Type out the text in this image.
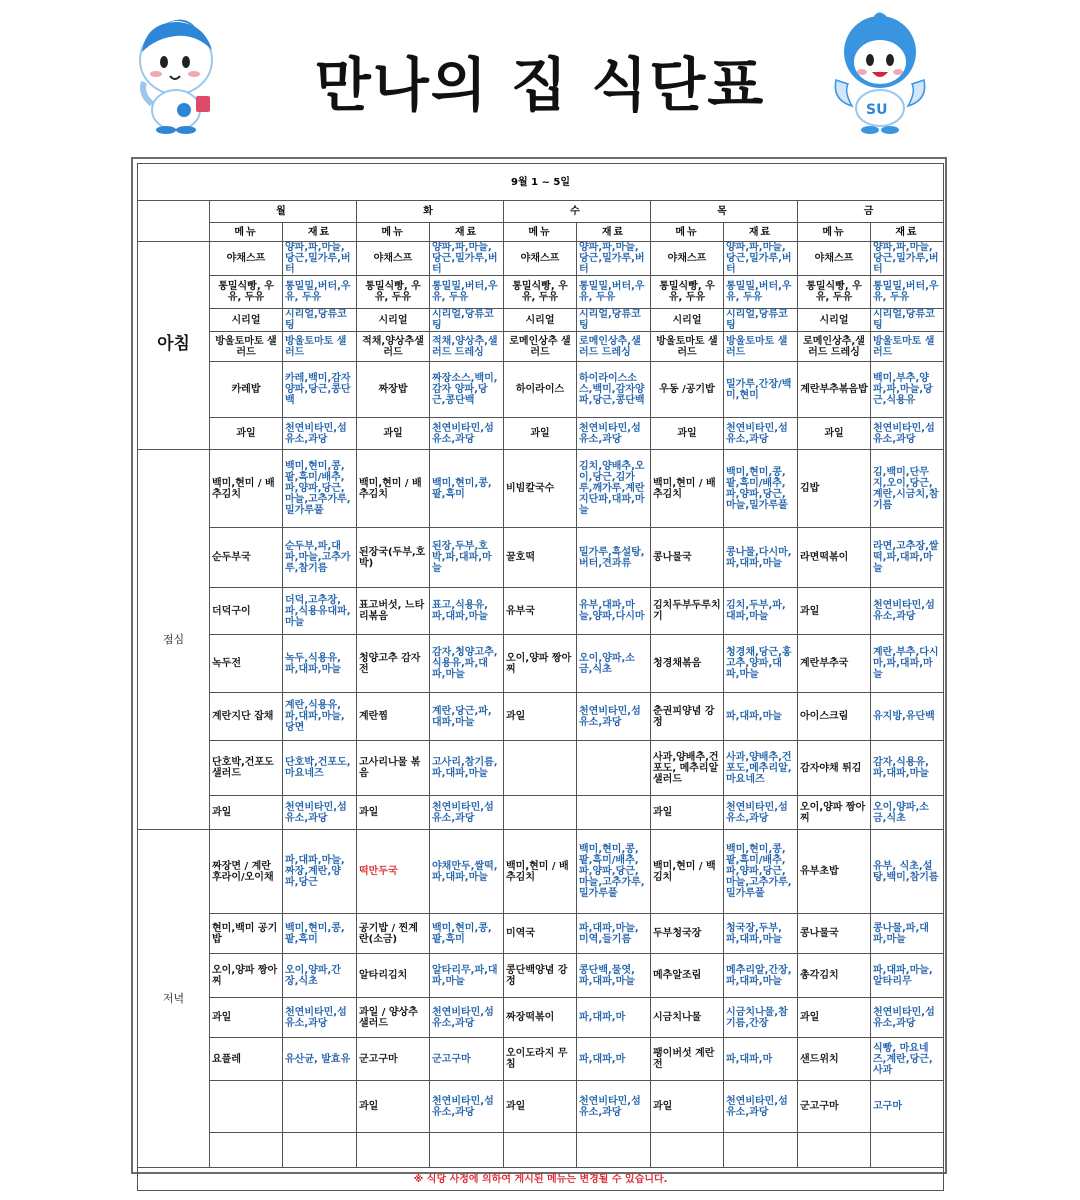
만나의 집 식단표	SU
9월 1 ~ 5일										
	월		화		수		목		금	
	메뉴	재료	메뉴	재료	메뉴	재료	메뉴	재료	메뉴	재료
아침	야채스프	양파,파,마늘,당근,밀가루,버터	야채스프	양파,파,마늘,당근,밀가루,버터	야채스프	양파,파,마늘,당근,밀가루,버터	야채스프	양파,파,마늘,당근,밀가루,버터	야채스프	양파,파,마늘,당근,밀가루,버터
	통밀식빵, 우유, 두유	통밀밀,버터,우유, 두유	통밀식빵, 우유, 두유	통밀밀,버터,우유, 두유	통밀식빵, 우유, 두유	통밀밀,버터,우유, 두유	통밀식빵, 우유, 두유	통밀밀,버터,우유, 두유	통밀식빵, 우유, 두유	통밀밀,버터,우유, 두유
	시리얼	시리얼,당류코팅	시리얼	시리얼,당류코팅	시리얼	시리얼,당류코팅	시리얼	시리얼,당류코팅	시리얼	시리얼,당류코팅
	방울토마토 샐러드	방울토마토 샐러드	적채,양상추샐러드	적채,양상추,샐러드 드레싱	로메인상추 샐러드	로메인상추,샐러드 드레싱	방울토마토 샐러드	방울토마토 샐러드	로메인상추,샐러드 드레싱	방울토마토 샐러드
	카레밥	카레,백미,감자양파,당근,콩단백	짜장밥	짜장소스,백미,감자 양파,당근,콩단백	하이라이스	하이라이스소스,백미,감자양파,당근,콩단백	우동 /공기밥	밀가루,간장/백미,현미	계란부추볶음밥	백미,부추,양파,파,마늘,당근,식용유
	과일	천연비타민,섬유소,과당	과일	천연비타민,섬유소,과당	과일	천연비타민,섬유소,과당	과일	천연비타민,섬유소,과당	과일	천연비타민,섬유소,과당
점심	백미,현미 / 배추김치	백미,현미,콩,팥,흑미/배추,파,양파,당근,마늘,고추가루,밀가루풀	백미,현미 / 배추김치	백미,현미,콩,팥,흑미	비빔칼국수	김치,양배추,오이,당근,김가루,깨가루,계란지단파,대파,마늘	백미,현미 / 배추김치	백미,현미,콩,팥,흑미/배추,파,양파,당근,마늘,밀가루풀	김밥	김,백미,단무지,오이,당근,계란,시금치,참기름
	순두부국	순두부,파,대파,마늘,고추가루,참기름	된장국(두부,호박)	된장,두부,호박,파,대파,마늘	꿀호떡	밀가루,흑설탕,버터,견과류	콩나물국	콩나물,다시마,파,대파,마늘	라면떡볶이	라면,고추장,쌀떡,파,대파,마늘
	더덕구이	더덕,고추장,파,식용유대파,마늘	표고버섯, 느타리볶음	표고,식용유,파,대파,마늘	유부국	유부,대파,마늘,양파,다시마	김치두부두루치기	김치,두부,파,대파,마늘	과일	천연비타민,섬유소,과당
	녹두전	녹두,식용유,파,대파,마늘	청양고추 감자전	감자,청양고추,식용유,파,대파,마늘	오이,양파 짱아찌	오이,양파,소금,식초	청경채볶음	청경채,당근,홍고추,양파,대파,마늘	계란부추국	계란,부추,다시마,파,대파,마늘
	계란지단 잡채	계란,식용유,파,대파,마늘,당면	계란찜	계란,당근,파,대파,마늘	과일	천연비타민,섬유소,과당	춘권피양념 강정	파,대파,마늘	아이스크림	유지방,유단백
	단호박,건포도 샐러드	단호박,건포도,마요네즈	고사리나물 볶음	고사리,참기름,파,대파,마늘			사과,양배추,건포도, 메추리알샐러드	사과,양배추,건포도,메추리알,마요네즈	감자야채 튀김	감자,식용유,파,대파,마늘
	과일	천연비타민,섬유소,과당	과일	천연비타민,섬유소,과당			과일	천연비타민,섬유소,과당	오이,양파 짱아찌	오이,양파,소금,식초
저녁	짜장면 / 계란후라이/오이채	파,대파,마늘,짜장,계란,양파,당근	떡만두국	야채만두,쌀떡,파,대파,마늘	백미,현미 / 배추김치	백미,현미,콩,팥,흑미/배추,파,양파,당근,마늘,고추가루,밀가루풀	백미,현미 / 백김치	백미,현미,콩,팥,흑미/배추,파,양파,당근,마늘,고추가루,밀가루풀	유부초밥	유부, 식초,설탕,백미,참기름
	현미,백미 공기밥	백미,현미,콩,팥,흑미	공기밥 / 찐계란(소금)	백미,현미,콩,팥,흑미	미역국	파,대파,마늘, 미역,들기름	두부청국장	청국장,두부,파,대파,마늘	콩나물국	콩나물,파,대파,마늘
	오이,양파 짱아찌	오이,양파,간장,식초	알타리김치	알타리무,파,대파,마늘	콩단백양념 강정	콩단백,물엿,파,대파,마늘	메추알조림	메추리알,간장, 파,대파,마늘	총각김치	파,대파,마늘,알타리무
	과일	천연비타민,섬유소,과당	과일 / 양상추샐러드	천연비타민,섬유소,과당	짜장떡볶이	파,대파,마	시금치나물	시금치나물,참기름,간장	과일	천연비타민,섬유소,과당
	요플레	유산균, 발효유	군고구마	군고구마	오이도라지 무침	파,대파,마	팽이버섯 계란전	파,대파,마	샌드위치	식빵, 마요네즈,계란,당근,사과
			과일	천연비타민,섬유소,과당	과일	천연비타민,섬유소,과당	과일	천연비타민,섬유소,과당	군고구마	고구마

※ 식당 사정에 의하여 게시된 메뉴는 변경될 수 있습니다.										
